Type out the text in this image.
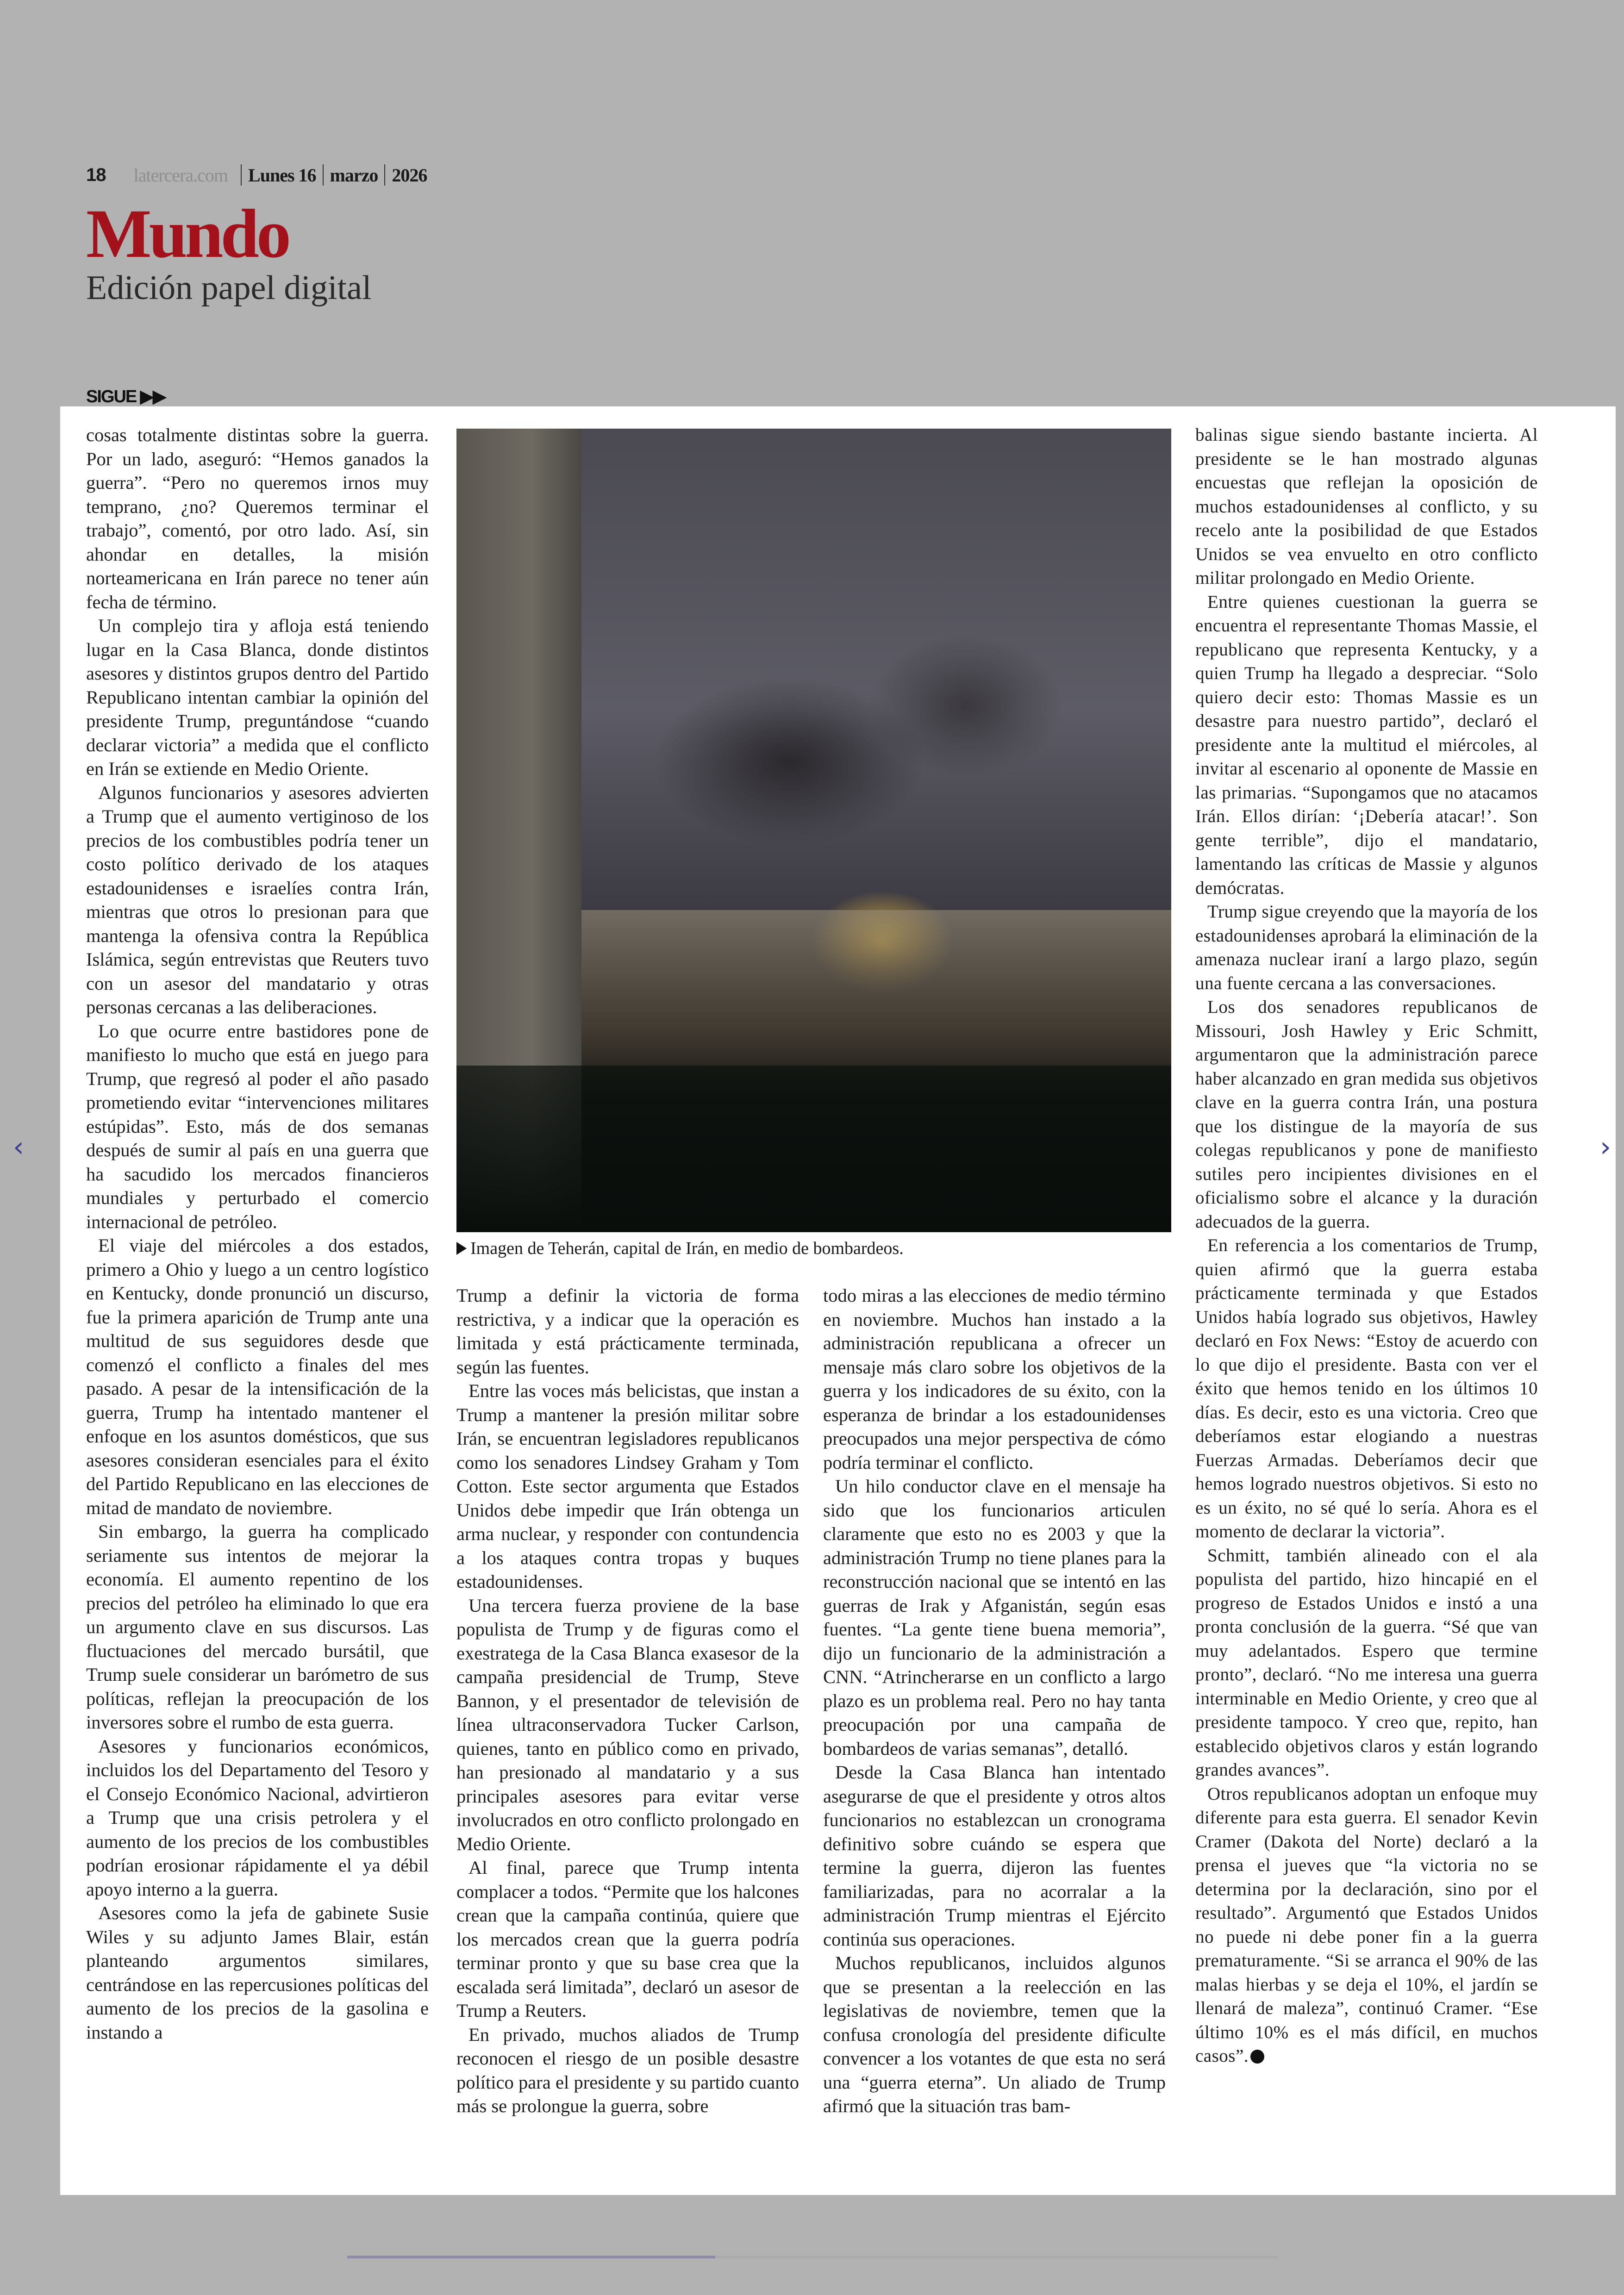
18 latercera.com	Lunes 16 marzo 2026
Mundo
Edición papel digital
SIGUE ▶▶

cosas totalmente distintas sobre la guerra. Por un lado, aseguró: “Hemos ganados la guerra”. “Pero no queremos irnos muy temprano, ¿no? Queremos terminar el trabajo”, comentó, por otro lado. Así, sin ahondar en detalles, la misión norteamericana en Irán parece no tener aún fecha de término.

Un complejo tira y afloja está teniendo lugar en la Casa Blanca, donde distintos asesores y distintos grupos dentro del Partido Republicano intentan cambiar la opinión del presidente Trump, preguntándose “cuando declarar victoria” a medida que el conflicto en Irán se extiende en Medio Oriente.

Algunos funcionarios y asesores advierten a Trump que el aumento vertiginoso de los precios de los combustibles podría tener un costo político derivado de los ataques estadounidenses e israelíes contra Irán, mientras que otros lo presionan para que mantenga la ofensiva contra la República Islámica, según entrevistas que Reuters tuvo con un asesor del mandatario y otras personas cercanas a las deliberaciones.

Lo que ocurre entre bastidores pone de manifiesto lo mucho que está en juego para Trump, que regresó al poder el año pasado prometiendo evitar “intervenciones militares estúpidas”. Esto, más de dos semanas después de sumir al país en una guerra que ha sacudido los mercados financieros mundiales y perturbado el comercio internacional de petróleo.

El viaje del miércoles a dos estados, primero a Ohio y luego a un centro logístico en Kentucky, donde pronunció un discurso, fue la primera aparición de Trump ante una multitud de sus seguidores desde que comenzó el conflicto a finales del mes pasado. A pesar de la intensificación de la guerra, Trump ha intentado mantener el enfoque en los asuntos domésticos, que sus asesores consideran esenciales para el éxito del Partido Republicano en las elecciones de mitad de mandato de noviembre.

Sin embargo, la guerra ha complicado seriamente sus intentos de mejorar la economía. El aumento repentino de los precios del petróleo ha eliminado lo que era un argumento clave en sus discursos. Las fluctuaciones del mercado bursátil, que Trump suele considerar un barómetro de sus políticas, reflejan la preocupación de los inversores sobre el rumbo de esta guerra.

Asesores y funcionarios económicos, incluidos los del Departamento del Tesoro y el Consejo Económico Nacional, advirtieron a Trump que una crisis petrolera y el aumento de los precios de los combustibles podrían erosionar rápidamente el ya débil apoyo interno a la guerra.

Asesores como la jefa de gabinete Susie Wiles y su adjunto James Blair, están planteando argumentos similares, centrándose en las repercusiones políticas del aumento de los precios de la gasolina e instando a

Imagen de Teherán, capital de Irán, en medio de bombardeos.

Trump a definir la victoria de forma restrictiva, y a indicar que la operación es limitada y está prácticamente terminada, según las fuentes.

Entre las voces más belicistas, que instan a Trump a mantener la presión militar sobre Irán, se encuentran legisladores republicanos como los senadores Lindsey Graham y Tom Cotton. Este sector argumenta que Estados Unidos debe impedir que Irán obtenga un arma nuclear, y responder con contundencia a los ataques contra tropas y buques estadounidenses.

Una tercera fuerza proviene de la base populista de Trump y de figuras como el exestratega de la Casa Blanca exasesor de la campaña presidencial de Trump, Steve Bannon, y el presentador de televisión de línea ultraconservadora Tucker Carlson, quienes, tanto en público como en privado, han presionado al mandatario y a sus principales asesores para evitar verse involucrados en otro conflicto prolongado en Medio Oriente.

Al final, parece que Trump intenta complacer a todos. “Permite que los halcones crean que la campaña continúa, quiere que los mercados crean que la guerra podría terminar pronto y que su base crea que la escalada será limitada”, declaró un asesor de Trump a Reuters.

En privado, muchos aliados de Trump reconocen el riesgo de un posible desastre político para el presidente y su partido cuanto más se prolongue la guerra, sobre

todo miras a las elecciones de medio término en noviembre. Muchos han instado a la administración republicana a ofrecer un mensaje más claro sobre los objetivos de la guerra y los indicadores de su éxito, con la esperanza de brindar a los estadounidenses preocupados una mejor perspectiva de cómo podría terminar el conflicto.

Un hilo conductor clave en el mensaje ha sido que los funcionarios articulen claramente que esto no es 2003 y que la administración Trump no tiene planes para la reconstrucción nacional que se intentó en las guerras de Irak y Afganistán, según esas fuentes. “La gente tiene buena memoria”, dijo un funcionario de la administración a CNN. “Atrincherarse en un conflicto a largo plazo es un problema real. Pero no hay tanta preocupación por una campaña de bombardeos de varias semanas”, detalló.

Desde la Casa Blanca han intentado asegurarse de que el presidente y otros altos funcionarios no establezcan un cronograma definitivo sobre cuándo se espera que termine la guerra, dijeron las fuentes familiarizadas, para no acorralar a la administración Trump mientras el Ejército continúa sus operaciones.

Muchos republicanos, incluidos algunos que se presentan a la reelección en las legislativas de noviembre, temen que la confusa cronología del presidente dificulte convencer a los votantes de que esta no será una “guerra eterna”. Un aliado de Trump afirmó que la situación tras bam-

balinas sigue siendo bastante incierta. Al presidente se le han mostrado algunas encuestas que reflejan la oposición de muchos estadounidenses al conflicto, y su recelo ante la posibilidad de que Estados Unidos se vea envuelto en otro conflicto militar prolongado en Medio Oriente.

Entre quienes cuestionan la guerra se encuentra el representante Thomas Massie, el republicano que representa Kentucky, y a quien Trump ha llegado a despreciar. “Solo quiero decir esto: Thomas Massie es un desastre para nuestro partido”, declaró el presidente ante la multitud el miércoles, al invitar al escenario al oponente de Massie en las primarias. “Supongamos que no atacamos Irán. Ellos dirían: ‘¡Debería atacar!’. Son gente terrible”, dijo el mandatario, lamentando las críticas de Massie y algunos demócratas.

Trump sigue creyendo que la mayoría de los estadounidenses aprobará la eliminación de la amenaza nuclear iraní a largo plazo, según una fuente cercana a las conversaciones.

Los dos senadores republicanos de Missouri, Josh Hawley y Eric Schmitt, argumentaron que la administración parece haber alcanzado en gran medida sus objetivos clave en la guerra contra Irán, una postura que los distingue de la mayoría de sus colegas republicanos y pone de manifiesto sutiles pero incipientes divisiones en el oficialismo sobre el alcance y la duración adecuados de la guerra.

En referencia a los comentarios de Trump, quien afirmó que la guerra estaba prácticamente terminada y que Estados Unidos había logrado sus objetivos, Hawley declaró en Fox News: “Estoy de acuerdo con lo que dijo el presidente. Basta con ver el éxito que hemos tenido en los últimos 10 días. Es decir, esto es una victoria. Creo que deberíamos estar elogiando a nuestras Fuerzas Armadas. Deberíamos decir que hemos logrado nuestros objetivos. Si esto no es un éxito, no sé qué lo sería. Ahora es el momento de declarar la victoria”.

Schmitt, también alineado con el ala populista del partido, hizo hincapié en el progreso de Estados Unidos e instó a una pronta conclusión de la guerra. “Sé que van muy adelantados. Espero que termine pronto”, declaró. “No me interesa una guerra interminable en Medio Oriente, y creo que al presidente tampoco. Y creo que, repito, han establecido objetivos claros y están logrando grandes avances”.

Otros republicanos adoptan un enfoque muy diferente para esta guerra. El senador Kevin Cramer (Dakota del Norte) declaró a la prensa el jueves que “la victoria no se determina por la declaración, sino por el resultado”. Argumentó que Estados Unidos no puede ni debe poner fin a la guerra prematuramente. “Si se arranca el 90% de las malas hierbas y se deja el 10%, el jardín se llenará de maleza”, continuó Cramer. “Ese último 10% es el más difícil, en muchos casos”.

‹	›
